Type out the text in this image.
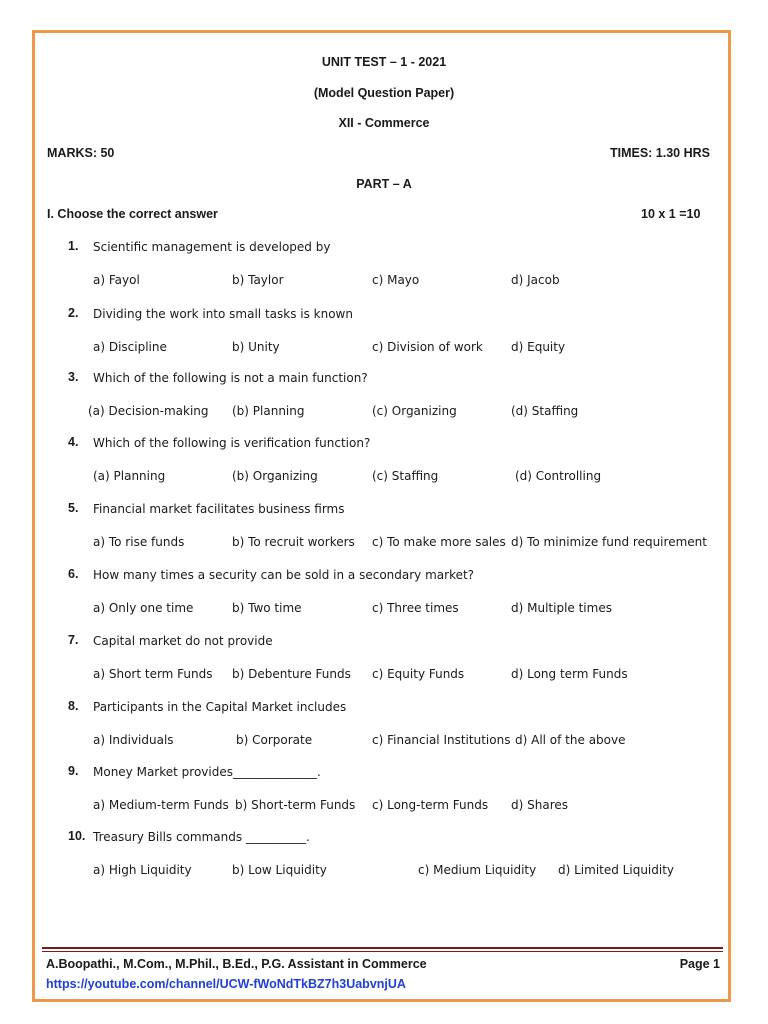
UNIT TEST – 1 - 2021
(Model Question Paper)
XII - Commerce
MARKS: 50	TIMES: 1.30 HRS
PART – A
I. Choose the correct answer	10 x 1 =10
1. Scientific management is developed by
a) Fayol	b) Taylor	c) Mayo	d) Jacob
2. Dividing the work into small tasks is known
a) Discipline	b) Unity	c) Division of work d) Equity
3. Which of the following is not a main function?
(a) Decision-making (b) Planning	(c) Organizing	(d) Staffing
4. Which of the following is verification function?
(a) Planning	(b) Organizing	(c) Staffing	(d) Controlling
5. Financial market facilitates business firms
a) To rise funds	b) To recruit workers c) To make more sales d) To minimize fund requirement
6. How many times a security can be sold in a secondary market?
a) Only one time	b) Two time	c) Three times	d) Multiple times
7. Capital market do not provide
a) Short term Funds b) Debenture Funds c) Equity Funds	d) Long term Funds
8. Participants in the Capital Market includes
a) Individuals	b) Corporate	c) Financial Institutions d) All of the above
9. Money Market provides______________.
a) Medium-term Funds b) Short-term Funds c) Long-term Funds d) Shares
10. Treasury Bills commands __________.
a) High Liquidity	b) Low Liquidity	c) Medium Liquidity d) Limited Liquidity
A.Boopathi., M.Com., M.Phil., B.Ed., P.G. Assistant in Commerce	Page 1
https://youtube.com/channel/UCW-fWoNdTkBZ7h3UabvnjUA
